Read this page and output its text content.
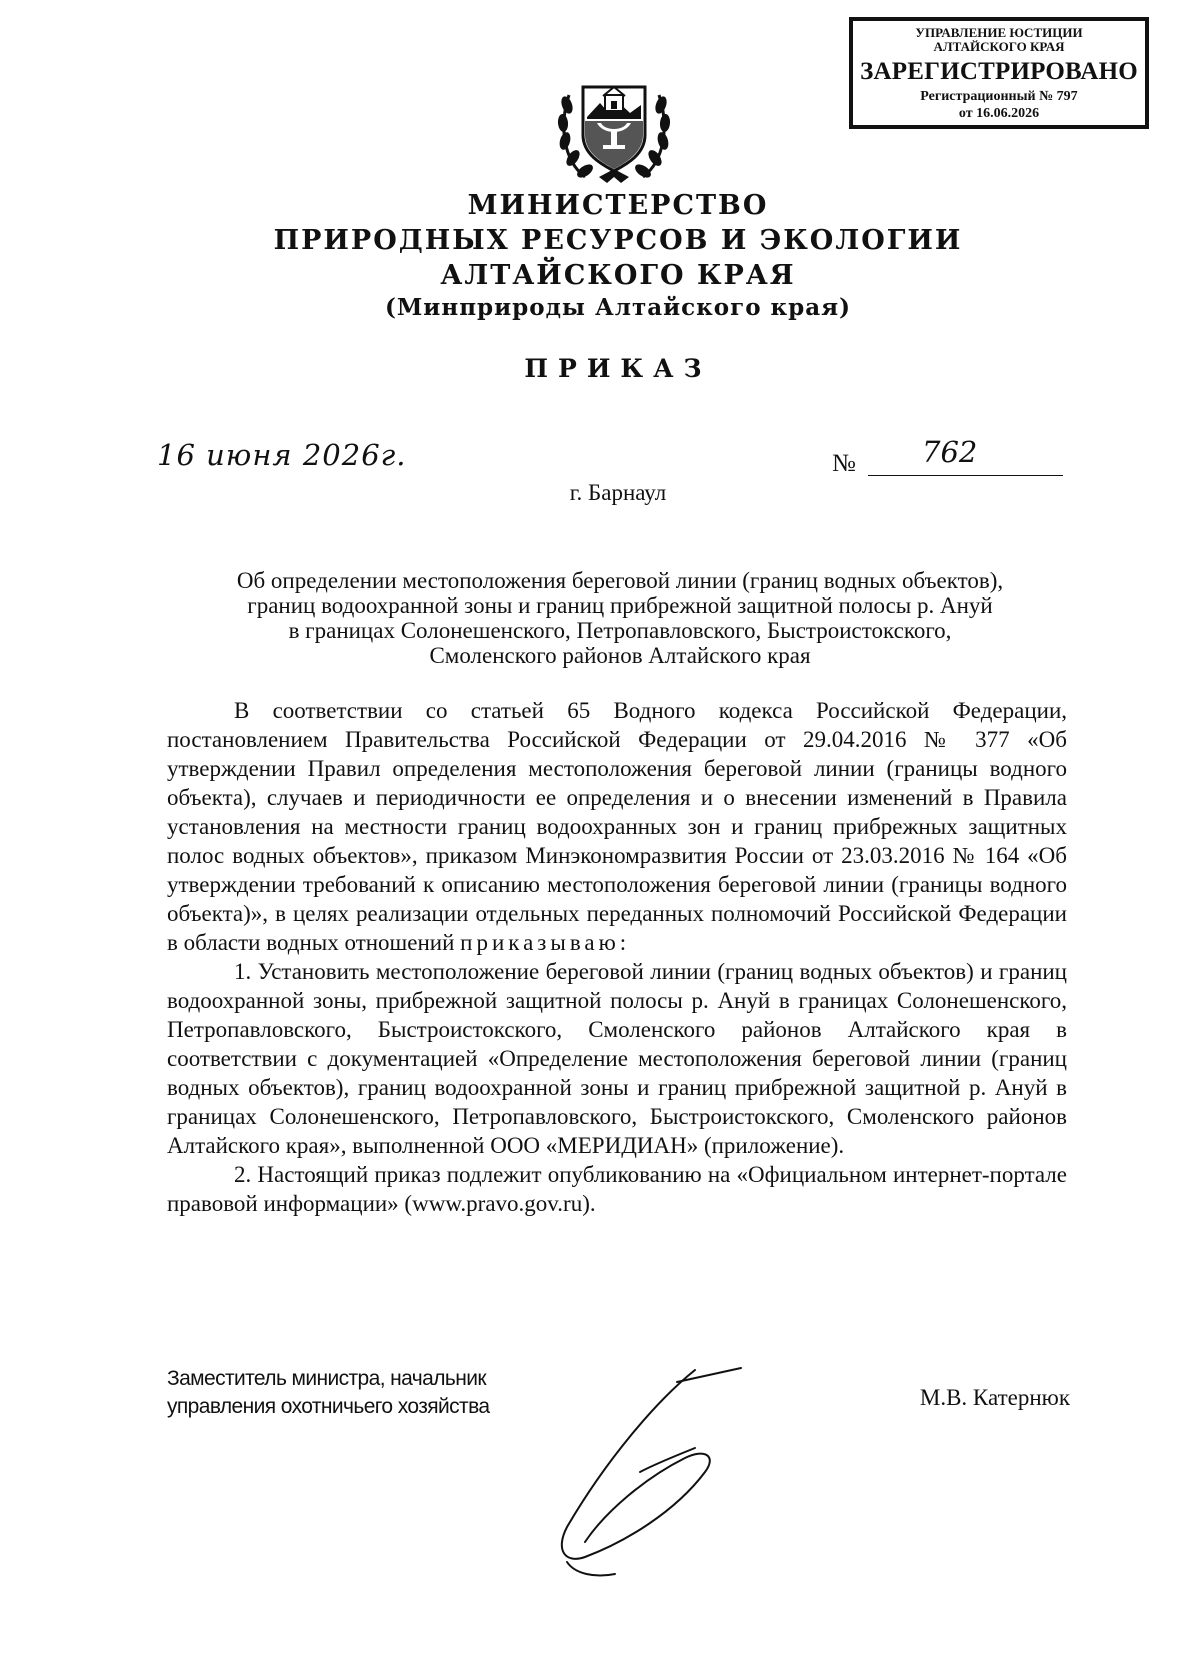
УПРАВЛЕНИЕ ЮСТИЦИИ
АЛТАЙСКОГО КРАЯ
ЗАРЕГИСТРИРОВАНО
Регистрационный № 797
от 16.06.2026
МИНИСТЕРСТВО
ПРИРОДНЫХ РЕСУРСОВ И ЭКОЛОГИИ
АЛТАЙСКОГО КРАЯ
(Минприроды Алтайского края)
ПРИКАЗ
16 июня 2026г.	№ 762
г. Барнаул
Об определении местоположения береговой линии (границ водных объектов),
границ водоохранной зоны и границ прибрежной защитной полосы р. Ануй
в границах Солонешенского, Петропавловского, Быстроистокского,
Смоленского районов Алтайского края

В соответствии со статьей 65 Водного кодекса Российской Федерации, постановлением Правительства Российской Федерации от 29.04.2016 № 377 «Об утверждении Правил определения местоположения береговой линии (границы водного объекта), случаев и периодичности ее определения и о внесении изменений в Правила установления на местности границ водоохранных зон и границ прибрежных защитных полос водных объектов», приказом Минэкономразвития России от 23.03.2016 № 164 «Об утверждении требований к описанию местоположения береговой линии (границы водного объекта)», в целях реализации отдельных переданных полномочий Российской Федерации в области водных отношений приказываю:

1. Установить местоположение береговой линии (границ водных объектов) и границ водоохранной зоны, прибрежной защитной полосы р. Ануй в границах Солонешенского, Петропавловского, Быстроистокского, Смоленского районов Алтайского края в соответствии с документацией «Определение местоположения береговой линии (границ водных объектов), границ водоохранной зоны и границ прибрежной защитной р. Ануй в границах Солонешенского, Петропавловского, Быстроистокского, Смоленского районов Алтайского края», выполненной ООО «МЕРИДИАН» (приложение).

2. Настоящий приказ подлежит опубликованию на «Официальном интернет-портале правовой информации» (www.pravo.gov.ru).

Заместитель министра, начальник
управления охотничьего хозяйства	М.В. Катернюк
